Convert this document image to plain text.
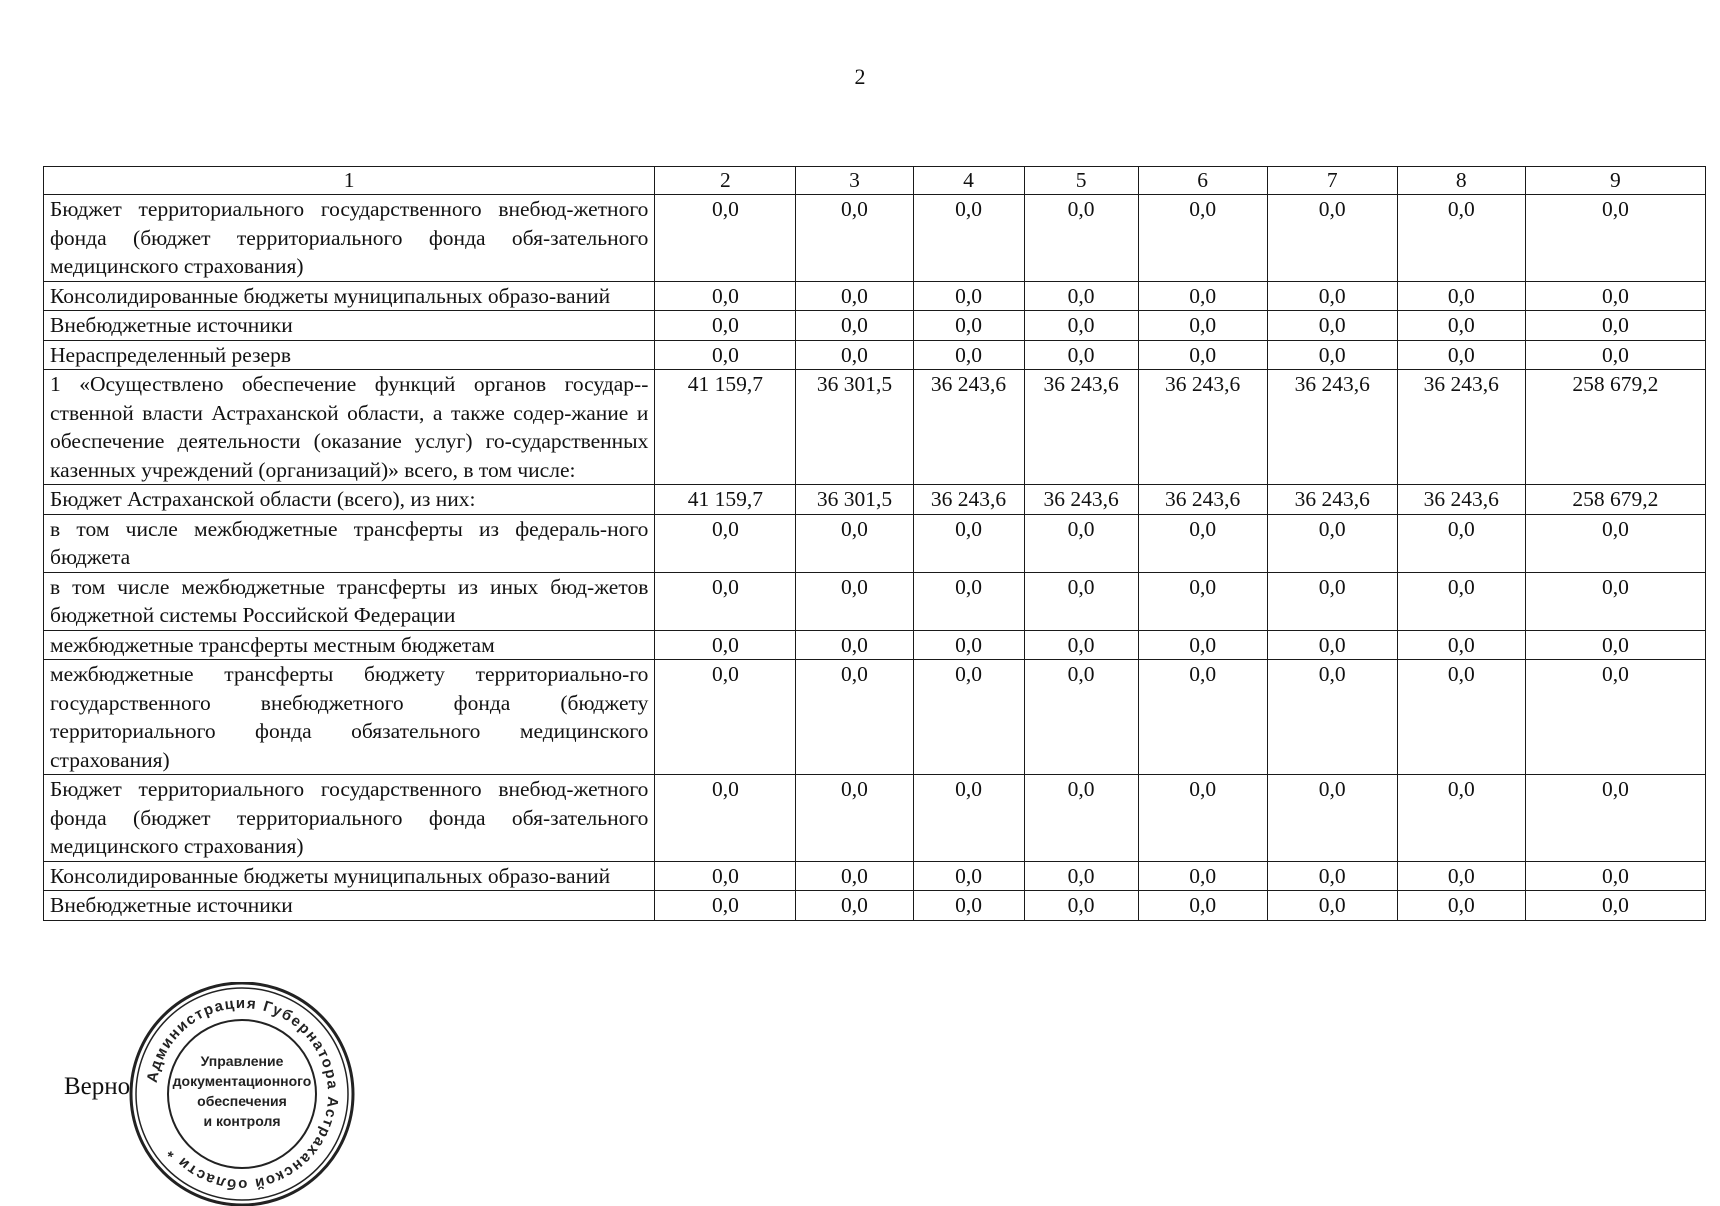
2
1	2	3	4	5	6	7	8	9
Бюджет территориального государственного внебюд-жетного фонда (бюджет территориального фонда обя-зательного медицинского страхования)	0,0	0,0	0,0	0,0	0,0	0,0	0,0	0,0
Консолидированные бюджеты муниципальных образо-ваний	0,0	0,0	0,0	0,0	0,0	0,0	0,0	0,0
Внебюджетные источники	0,0	0,0	0,0	0,0	0,0	0,0	0,0	0,0
Нераспределенный резерв	0,0	0,0	0,0	0,0	0,0	0,0	0,0	0,0
1 «Осуществлено обеспечение функций органов государ-ственной власти Астраханской области, а также содер-жание и обеспечение деятельности (оказание услуг) го-сударственных казенных учреждений (организаций)» всего, в том числе:	41 159,7	36 301,5	36 243,6	36 243,6	36 243,6	36 243,6	36 243,6	258 679,2
Бюджет Астраханской области (всего), из них:	41 159,7	36 301,5	36 243,6	36 243,6	36 243,6	36 243,6	36 243,6	258 679,2
в том числе межбюджетные трансферты из федераль-ного бюджета	0,0	0,0	0,0	0,0	0,0	0,0	0,0	0,0
в том числе межбюджетные трансферты из иных бюд-жетов бюджетной системы Российской Федерации	0,0	0,0	0,0	0,0	0,0	0,0	0,0	0,0
межбюджетные трансферты местным бюджетам	0,0	0,0	0,0	0,0	0,0	0,0	0,0	0,0
межбюджетные трансферты бюджету территориально-го государственного внебюджетного фонда (бюджету территориального фонда обязательного медицинского страхования)	0,0	0,0	0,0	0,0	0,0	0,0	0,0	0,0
Бюджет территориального государственного внебюд-жетного фонда (бюджет территориального фонда обя-зательного медицинского страхования)	0,0	0,0	0,0	0,0	0,0	0,0	0,0	0,0
Консолидированные бюджеты муниципальных образо-ваний	0,0	0,0	0,0	0,0	0,0	0,0	0,0	0,0
Внебюджетные источники	0,0	0,0	0,0	0,0	0,0	0,0	0,0	0,0
Верно Администрация Губернатора Астраханской области *
Управление
документационного
обеспечения
и контроля
